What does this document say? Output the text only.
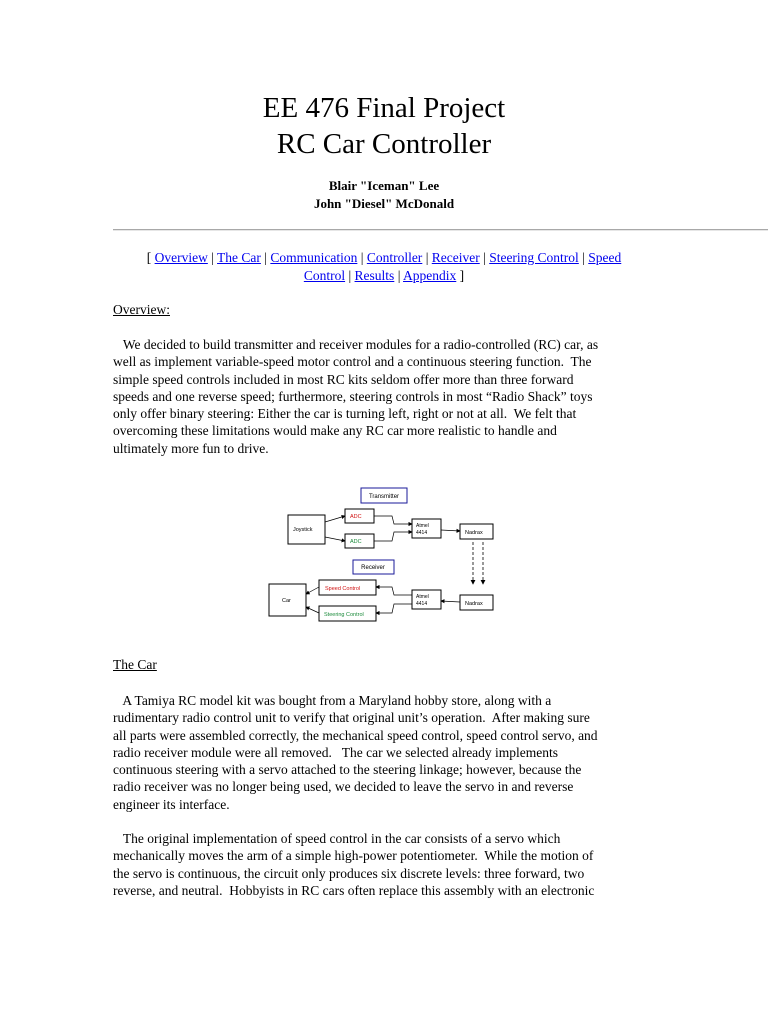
EE 476 Final Project
RC Car Controller
Blair "Iceman" Lee
John "Diesel" McDonald
[ Overview | The Car | Communication | Controller | Receiver | Steering Control | Speed
Control | Results | Appendix ]
Overview:
We decided to build transmitter and receiver modules for a radio-controlled (RC) car, as
well as implement variable-speed motor control and a continuous steering function.  The
simple speed controls included in most RC kits seldom offer more than three forward
speeds and one reverse speed; furthermore, steering controls in most “Radio Shack” toys
only offer binary steering: Either the car is turning left, right or not at all.  We felt that
overcoming these limitations would make any RC car more realistic to handle and
ultimately more fun to drive.
Transmitter
Joystick
ADC
ADC
Atmel
4414	Nadrax
Receiver
Car
Speed Control
Steering Control
Atmel
4414	Nadrax
The Car
A Tamiya RC model kit was bought from a Maryland hobby store, along with a
rudimentary radio control unit to verify that original unit’s operation.  After making sure
all parts were assembled correctly, the mechanical speed control, speed control servo, and
radio receiver module were all removed.   The car we selected already implements
continuous steering with a servo attached to the steering linkage; however, because the
radio receiver was no longer being used, we decided to leave the servo in and reverse
engineer its interface.
The original implementation of speed control in the car consists of a servo which
mechanically moves the arm of a simple high-power potentiometer.  While the motion of
the servo is continuous, the circuit only produces six discrete levels: three forward, two
reverse, and neutral.  Hobbyists in RC cars often replace this assembly with an electronic
